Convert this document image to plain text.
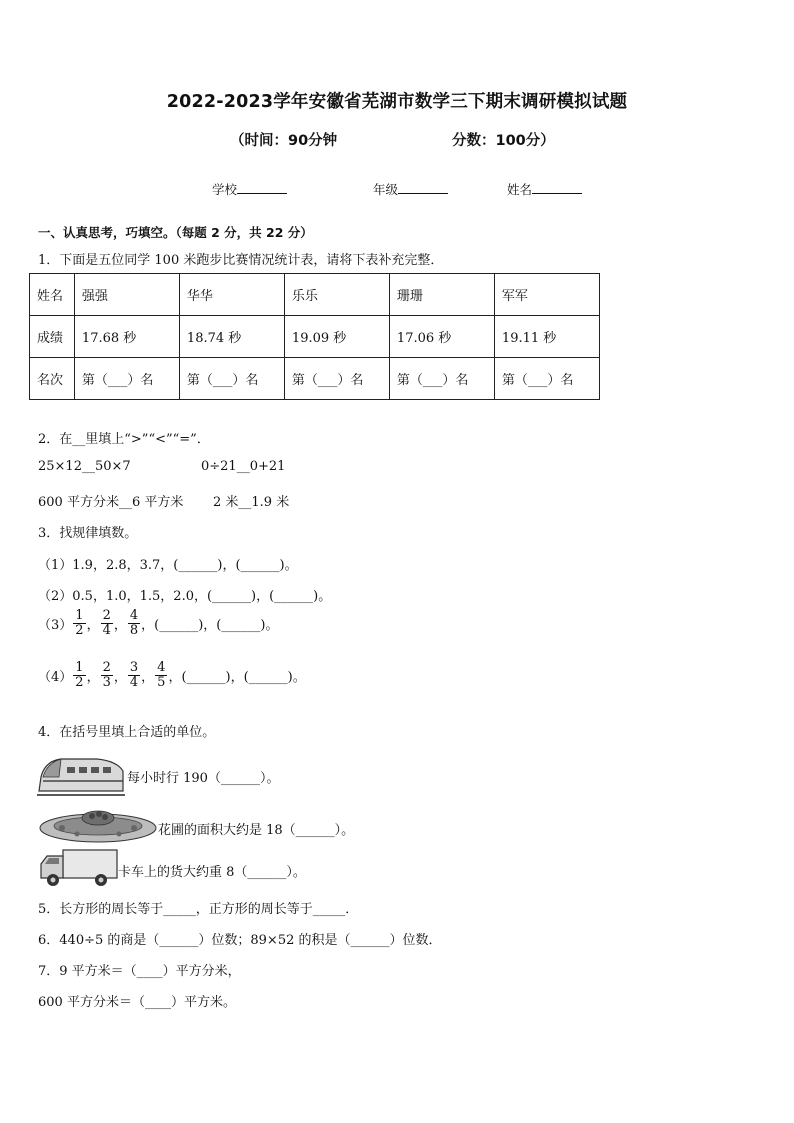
2022-2023学年安徽省芜湖市数学三下期末调研模拟试题
（时间：90分钟	分数：100分）
学校	年级	姓名
一、认真思考，巧填空。（每题 2 分，共 22 分）
1．下面是五位同学 100 米跑步比赛情况统计表，请将下表补充完整．
姓名	强强	华华	乐乐	珊珊	军军
成绩	17.68 秒	18.74 秒	19.09 秒	17.06 秒	19.11 秒
名次	第（___）名	第（___）名	第（___）名	第（___）名	第（___）名
2．在__里填上“>”“<”“=”．
25×12__50×7	0÷21__0+21
600 平方分米__6 平方米 2 米__1.9 米
3．找规律填数。
（1）1.9，2.8，3.7，(______)，(______)。
（2）0.5，1.0，1.5，2.0，(______)，(______)。
$(3) \frac{1}{2}$ ， $\frac{2}{4}$ ， $\frac{4}{8}$ ，(______)，(______)。
$(4) \frac{1}{2}$ ， $\frac{2}{3}$ ， $\frac{3}{4}$ ， $\frac{4}{5}$ ，(______)，(______)。
4．在括号里填上合适的单位。
每小时行 190（______）。
花圃的面积大约是 18（______）。
卡车上的货大约重 8（______）。
5．长方形的周长等于_____，正方形的周长等于_____．
6．440÷5 的商是（______）位数；89×52 的积是（______）位数．
7．9 平方米＝（____）平方分米，
600 平方分米＝（____）平方米。
